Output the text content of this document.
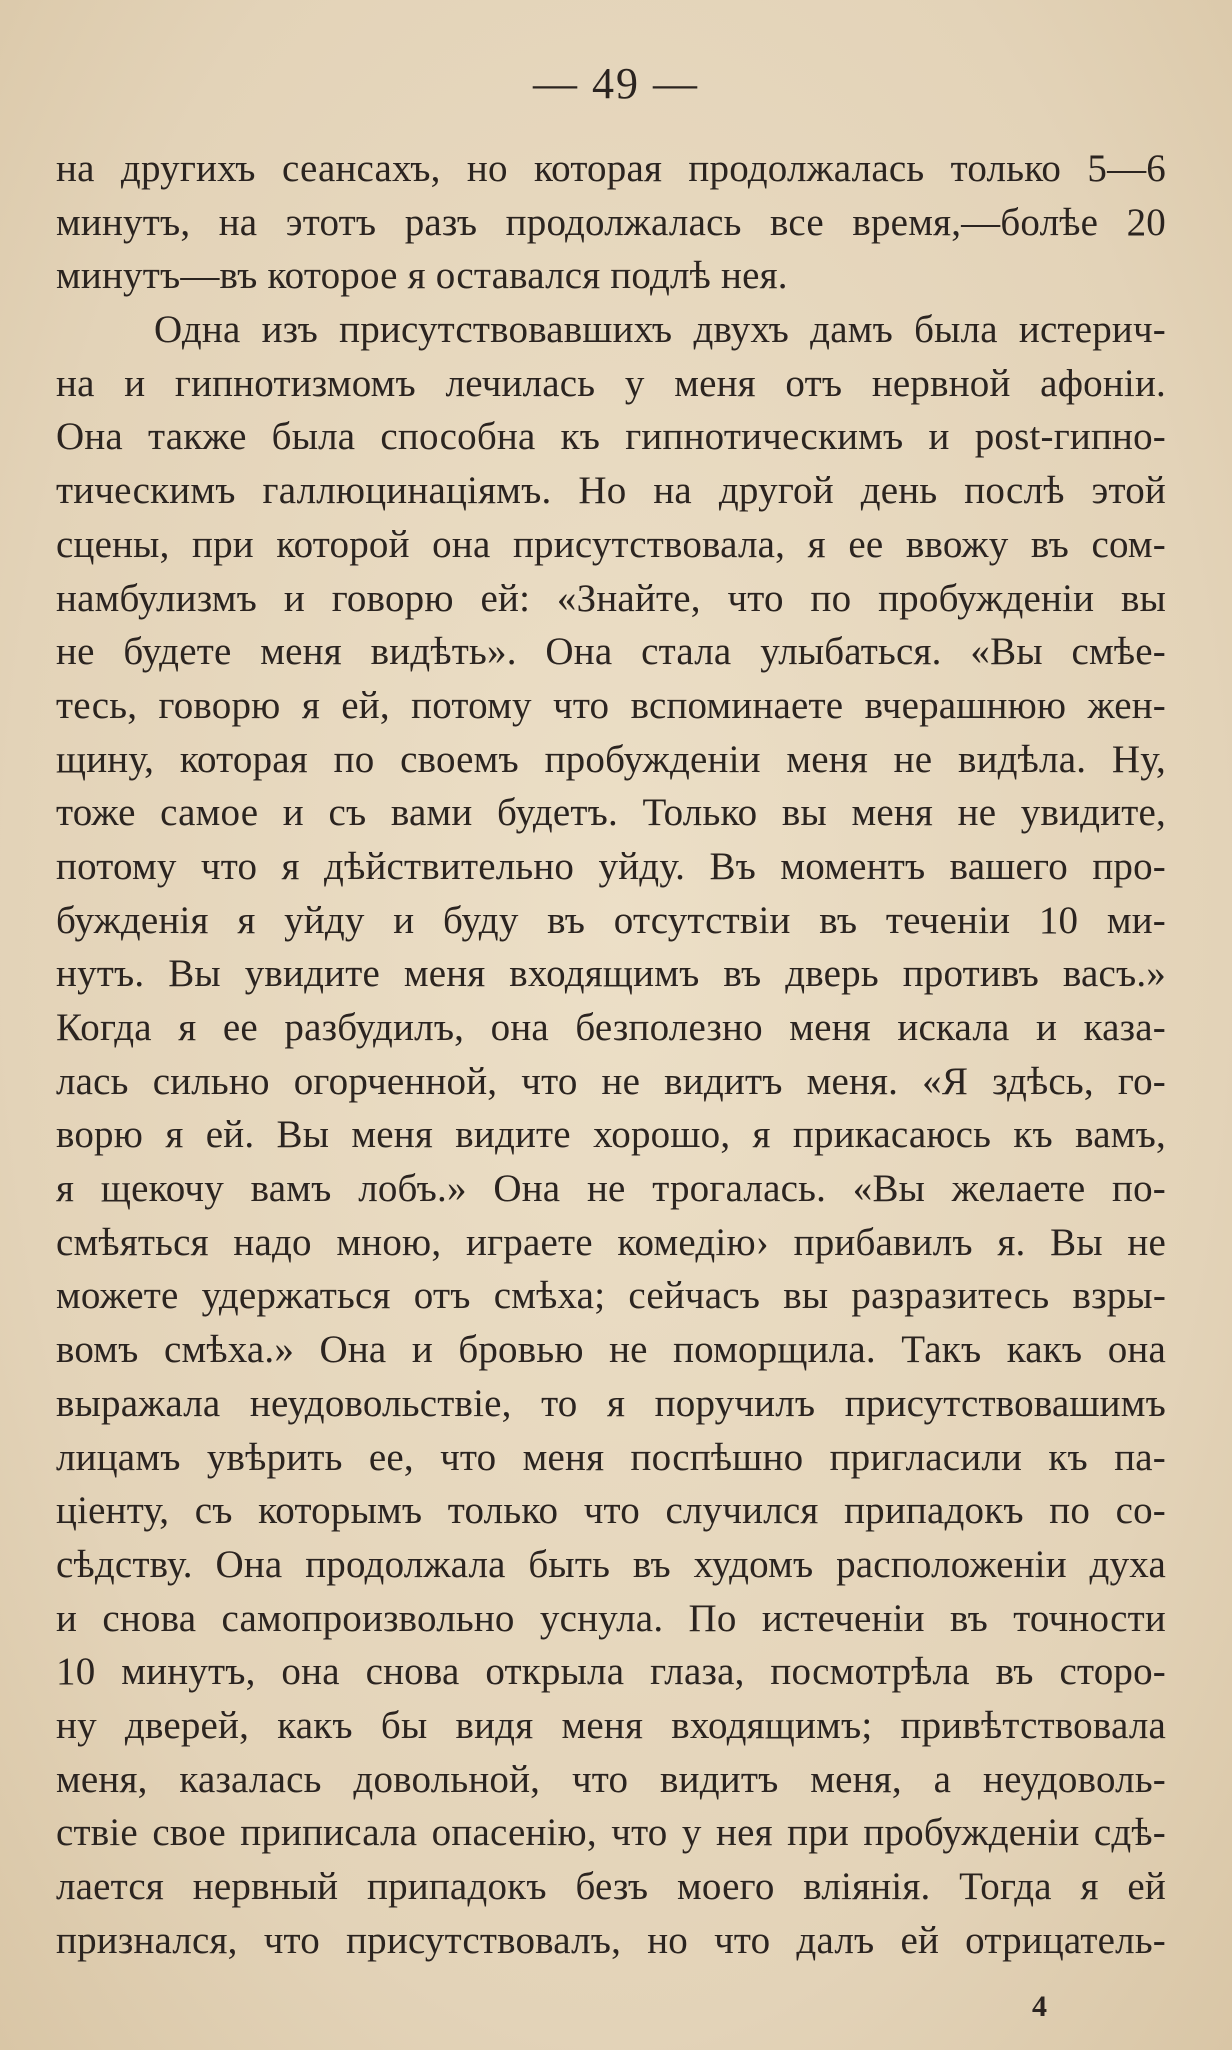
— 49 —
на другихъ сеансахъ, но которая продолжалась только 5—6
минутъ, на этотъ разъ продолжалась все время,—болѣе 20
минутъ—въ которое я оставался подлѣ нея.
Одна изъ присутствовавшихъ двухъ дамъ была истерич-
на и гипнотизмомъ лечилась у меня отъ нервной афоніи.
Она также была способна къ гипнотическимъ и post-гипно-
тическимъ галлюцинаціямъ. Но на другой день послѣ этой
сцены, при которой она присутствовала, я ее ввожу въ сом-
намбулизмъ и говорю ей: «Знайте, что по пробужденіи вы
не будете меня видѣть». Она стала улыбаться. «Вы смѣе-
тесь, говорю я ей, потому что вспоминаете вчерашнюю жен-
щину, которая по своемъ пробужденіи меня не видѣла. Ну,
тоже самое и съ вами будетъ. Только вы меня не увидите,
потому что я дѣйствительно уйду. Въ моментъ вашего про-
бужденія я уйду и буду въ отсутствіи въ теченіи 10 ми-
нутъ. Вы увидите меня входящимъ въ дверь противъ васъ.»
Когда я ее разбудилъ, она безполезно меня искала и каза-
лась сильно огорченной, что не видитъ меня. «Я здѣсь, го-
ворю я ей. Вы меня видите хорошо, я прикасаюсь къ вамъ,
я щекочу вамъ лобъ.» Она не трогалась. «Вы желаете по-
смѣяться надо мною, играете комедію› прибавилъ я. Вы не
можете удержаться отъ смѣха; сейчасъ вы разразитесь взры-
вомъ смѣха.» Она и бровью не поморщила. Такъ какъ она
выражала неудовольствіе, то я поручилъ присутствовашимъ
лицамъ увѣрить ее, что меня поспѣшно пригласили къ па-
ціенту, съ которымъ только что случился припадокъ по со-
сѣдству. Она продолжала быть въ худомъ расположеніи духа
и снова самопроизвольно уснула. По истеченіи въ точности
10 минутъ, она снова открыла глаза, посмотрѣла въ сторо-
ну дверей, какъ бы видя меня входящимъ; привѣтствовала
меня, казалась довольной, что видитъ меня, а неудоволь-
ствіе свое приписала опасенію, что у нея при пробужденіи сдѣ-
лается нервный припадокъ безъ моего вліянія. Тогда я ей
признался, что присутствовалъ, но что далъ ей отрицатель-
4
